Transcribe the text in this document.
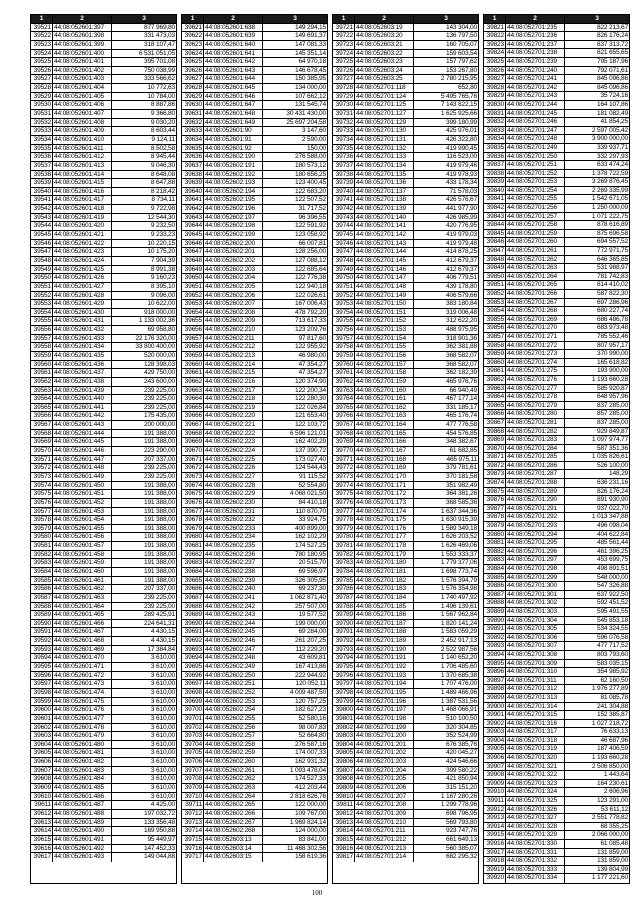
1	2	3
39521 44:08:052601:397	877 969,80
39522 44:08:052601:398	331 473,03
39523 44:08:052601:399	318 107,47
39524 44:08:052601:400	6 531 051,05
39525 44:08:052601:401	395 701,08
39526 44:08:052601:402	750 038,99
39527 44:08:052601:403	333 566,62
39528 44:08:052601:404	10 772,63
39529 44:08:052601:405	10 784,00
39530 44:08:052601:406	8 887,86
39531 44:08:052601:407	9 366,80
39532 44:08:052601:408	9 030,20
39533 44:08:052601:409	8 603,44
39534 44:08:052601:410	9 124,11
39535 44:08:052601:411	8 502,58
39536 44:08:052601:412	8 945,44
39537 44:08:052601:413	9 046,30
39538 44:08:052601:414	8 648,08
39539 44:08:052601:415	8 647,88
39540 44:08:052601:416	8 218,42
39541 44:08:052601:417	8 734,11
39542 44:08:052601:418	9 722,98
39543 44:08:052601:419	12 544,30
39544 44:08:052601:420	9 232,50
39545 44:08:052601:421	9 233,23
39546 44:08:052601:422	10 220,15
39547 44:08:052601:423	10 175,20
39548 44:08:052601:424	7 904,39
39549 44:08:052601:425	8 991,38
39550 44:08:052601:426	9 160,23
39551 44:08:052601:427	8 395,10
39552 44:08:052601:428	9 096,00
39553 44:08:052601:429	10 622,00
39554 44:08:052601:430	918 000,00
39555 44:08:052601:431	1 133 002,36
39556 44:08:052601:432	69 958,80
39557 44:08:052601:433	22 176 320,00
39558 44:08:052601:434	33 800 400,00
39559 44:08:052601:435	520 000,00
39560 44:08:052601:436	128 398,03
39561 44:08:052601:437	429 750,00
39562 44:08:052601:438	243 600,00
39563 44:08:052601:439	239 225,00
39564 44:08:052601:440	239 225,00
39565 44:08:052601:441	239 225,00
39566 44:08:052601:442	175 435,00
39567 44:08:052601:443	200 000,00
39568 44:08:052601:444	191 388,00
39569 44:08:052601:445	191 388,00
39570 44:08:052601:446	223 290,00
39571 44:08:052601:447	207 337,00
39572 44:08:052601:448	239 225,00
39573 44:08:052601:449	239 225,00
39574 44:08:052601:450	191 388,00
39575 44:08:052601:451	191 388,00
39576 44:08:052601:452	191 388,00
39577 44:08:052601:453	191 388,00
39578 44:08:052601:454	191 388,00
39579 44:08:052601:455	191 388,00
39580 44:08:052601:456	191 388,00
39581 44:08:052601:457	191 388,00
39582 44:08:052601:458	191 388,00
39583 44:08:052601:459	191 388,00
39584 44:08:052601:460	191 388,00
39585 44:08:052601:461	191 388,00
39586 44:08:052601:462	207 337,00
39587 44:08:052601:463	239 225,00
39588 44:08:052601:464	239 225,00
39589 44:08:052601:465	289 425,91
39590 44:08:052601:466	224 641,31
39591 44:08:052601:467	4 430,15
39592 44:08:052601:468	4 430,15
39593 44:08:052601:469	17 384,84
39594 44:08:052601:470	3 610,00
39595 44:08:052601:471	3 610,00
39596 44:08:052601:472	3 610,00
39597 44:08:052601:473	3 610,00
39598 44:08:052601:474	3 610,00
39599 44:08:052601:475	3 610,00
39600 44:08:052601:476	3 610,00
39601 44:08:052601:477	3 610,00
39602 44:08:052601:478	3 610,00
39603 44:08:052601:479	3 610,00
39604 44:08:052601:480	3 610,00
39605 44:08:052601:481	3 610,00
39606 44:08:052601:482	3 610,00
39607 44:08:052601:483	3 610,00
39608 44:08:052601:484	3 610,00
39609 44:08:052601:485	3 610,00
39610 44:08:052601:486	3 610,00
39611 44:08:052601:487	4 425,00
39612 44:08:052601:488	197 032,72
39613 44:08:052601:489	133 356,48
39614 44:08:052601:490	169 950,88
39615 44:08:052601:491	95 449,97
39616 44:08:052601:492	147 452,33
39617 44:08:052601:493	149 044,88
1	2	3
39621 44:08:052601:638	149 294,15
39622 44:08:052601:639	149 691,37
39623 44:08:052601:640	147 081,33
39624 44:08:052601:641	145 351,14
39625 44:08:052601:642	64 970,18
39626 44:08:052601:643	146 678,45
39627 44:08:052601:644	150 385,95
39628 44:08:052601:645	134 000,00
39629 44:08:052601:646	107 662,12
39630 44:08:052601:647	131 545,74
39631 44:08:052601:648	30 431 430,00
39632 44:08:052601:649	25 697 204,58
39633 44:08:052601:90	3 147,60
39634 44:08:052601:91	2 590,00
39635 44:08:052601:92	150,00
39636 44:08:052602:190	276 588,00
39637 44:08:052602:191	180 573,12
39638 44:08:052602:192	180 656,25
39639 44:08:052602:193	123 400,45
39640 44:08:052602:194	122 683,20
39641 44:08:052602:195	122 507,52
39642 44:08:052602:196	31 717,52
39643 44:08:052602:197	96 396,55
39644 44:08:052602:198	122 591,92
39645 44:08:052602:199	123 058,92
39646 44:08:052602:200	66 007,81
39647 44:08:052602:201	128 256,00
39648 44:08:052602:202	127 088,12
39649 44:08:052602:203	122 685,64
39650 44:08:052602:204	122 776,38
39651 44:08:052602:205	122 940,18
39652 44:08:052602:206	122 026,61
39653 44:08:052602:207	167 006,43
39654 44:08:052602:208	478 792,20
39655 44:08:052602:209	713 617,33
39656 44:08:052602:210	123 209,76
39657 44:08:052602:211	97 817,60
39658 44:08:052602:212	122 955,92
39659 44:08:052602:213	46 980,00
39660 44:08:052602:214	47 354,27
39661 44:08:052602:215	47 354,27
39662 44:08:052602:216	120 374,90
39663 44:08:052602:217	122 200,34
39664 44:08:052602:218	122 280,30
39665 44:08:052602:219	122 026,84
39666 44:08:052602:220	121 653,40
39667 44:08:052602:221	122 103,72
39668 44:08:052602:222	6 596 121,01
39669 44:08:052602:223	162 402,29
39670 44:08:052602:224	137 390,72
39671 44:08:052602:225	173 027,40
39672 44:08:052602:226	124 544,43
39673 44:08:052602:227	91 115,52
39674 44:08:052602:228	52 554,80
39675 44:08:052602:229	4 068 021,50
39676 44:08:052602:230	84 410,18
39677 44:08:052602:231	110 870,70
39678 44:08:052602:232	33 924,75
39679 44:08:052602:233	400 899,00
39680 44:08:052602:234	162 102,29
39681 44:08:052602:235	174 527,25
39682 44:08:052602:236	780 180,95
39683 44:08:052602:237	20 515,70
39684 44:08:052602:238	69 596,97
39685 44:08:052602:239	326 305,95
39686 44:08:052602:240	69 237,30
39687 44:08:052602:241	1 062 871,40
39688 44:08:052602:242	257 507,00
39689 44:08:052602:243	19 577,52
39690 44:08:052602:244	199 000,00
39691 44:08:052602:245	69 284,00
39692 44:08:052602:246	261 207,25
39693 44:08:052602:247	112 229,20
39694 44:08:052602:248	43 609,81
39695 44:08:052602:249	167 413,86
39696 44:08:052602:250	222 944,92
39697 44:08:052602:251	120 052,11
39698 44:08:052602:252	4 009 487,50
39699 44:08:052602:253	120 757,25
39700 44:08:052602:254	182 627,23
39701 44:08:052602:255	52 580,16
39702 44:08:052602:256	98 007,83
39703 44:08:052602:257	52 664,80
39704 44:08:052602:258	276 587,16
39705 44:08:052602:259	174 007,33
39706 44:08:052602:260	162 931,32
39707 44:08:052602:261	1 093 478,04
39708 44:08:052602:262	174 527,33
39709 44:08:052602:263	412 203,44
39710 44:08:052602:264	2 818 626,76
39711 44:08:052602:265	122 000,00
39712 44:08:052602:266	109 767,00
39713 44:08:052602:267	1 969 824,14
39714 44:08:052602:268	124 000,00
39715 44:08:052603:13	83 841,00
39716 44:08:052603:14	11 468 302,56
39717 44:08:052603:15	158 619,36
1	2	3
39721 44:08:052603:19	143 304,00
39722 44:08:052603:20	136 797,50
39723 44:08:052603:21	160 705,07
39724 44:08:052603:22	159 603,54
39725 44:08:052603:23	157 797,62
39726 44:08:052603:24	153 267,80
39727 44:08:052603:25	2 780 215,95
39728 44:08:052701:118	652,80
39729 44:08:052701:124	5 495 765,76
39730 44:08:052701:125	7 143 822,15
39731 44:08:052701:127	1 625 925,66
39732 44:08:052701:129	399 180,99
39733 44:08:052701:130	425 976,01
39734 44:08:052701:131	426 322,80
39735 44:08:052701:132	419 990,45
39736 44:08:052701:133	116 523,00
39737 44:08:052701:134	419 979,46
39738 44:08:052701:135	419 978,93
39739 44:08:052701:136	433 178,34
39740 44:08:052701:137	71 578,03
39741 44:08:052701:138	426 576,67
39742 44:08:052701:139	441 977,90
39743 44:08:052701:140	426 985,99
39744 44:08:052701:141	420 776,95
39745 44:08:052701:142	419 979,03
39746 44:08:052701:143	419 979,48
39747 44:08:052701:144	414 878,25
39748 44:08:052701:145	412 679,37
39749 44:08:052701:146	412 679,37
39750 44:08:052701:147	406 779,51
39751 44:08:052701:148	439 178,80
39752 44:08:052701:149	406 579,66
39753 44:08:052701:150	383 180,84
39754 44:08:052701:151	319 006,48
39755 44:08:052701:152	312 622,20
39756 44:08:052701:153	488 975,95
39757 44:08:052701:154	318 901,36
39758 44:08:052701:155	362 381,88
39759 44:08:052701:156	368 582,07
39760 44:08:052701:157	368 582,07
39761 44:08:052701:158	362 182,39
39762 44:08:052701:159	465 976,76
39763 44:08:052701:160	66 940,49
39764 44:08:052701:161	467 177,14
39765 44:08:052701:162	331 185,17
39766 44:08:052701:163	465 176,74
39767 44:08:052701:164	477 776,58
39768 44:08:052701:165	454 576,85
39769 44:08:052701:166	348 382,67
39770 44:08:052701:167	61 682,85
39771 44:08:052701:168	465 975,11
39772 44:08:052701:169	379 781,61
39773 44:08:052701:170	370 181,58
39774 44:08:052701:171	351 982,49
39775 44:08:052701:172	364 381,26
39776 44:08:052701:173	368 585,36
39777 44:08:052701:174	1 637 344,36
39778 44:08:052701:175	1 630 915,39
39779 44:08:052701:176	1 589 349,18
39780 44:08:052701:177	1 626 203,52
39781 44:08:052701:178	1 626 469,06
39782 44:08:052701:179	1 553 333,37
39783 44:08:052701:180	1 779 377,06
39784 44:08:052701:181	1 698 773,74
39785 44:08:052701:182	1 576 394,79
39786 44:08:052701:183	1 576 354,98
39787 44:08:052701:184	1 740 497,92
39788 44:08:052701:185	1 496 139,61
39789 44:08:052701:186	1 567 962,84
39790 44:08:052701:187	1 820 141,24
39791 44:08:052701:188	1 583 059,29
39792 44:08:052701:189	2 452 917,13
39793 44:08:052701:190	2 522 987,56
39794 44:08:052701:191	1 140 652,20
39795 44:08:052701:192	1 706 485,60
39796 44:08:052701:193	1 370 685,38
39797 44:08:052701:194	1 707 476,00
39798 44:08:052701:195	1 489 466,96
39799 44:08:052701:196	1 387 531,56
39800 44:08:052701:197	1 468 066,91
39801 44:08:052701:198	510 100,50
39802 44:08:052701:199	320 304,85
39803 44:08:052701:200	352 524,99
39804 44:08:052701:201	676 385,76
39805 44:08:052701:202	420 045,27
39806 44:08:052701:203	424 546,66
39807 44:08:052701:204	399 580,22
39808 44:08:052701:205	421 850,94
39809 44:08:052701:206	315 151,20
39810 44:08:052701:207	1 167 280,26
39811 44:08:052701:208	1 299 778,96
39812 44:08:052701:209	698 796,95
39813 44:08:052701:210	569 793,80
39814 44:08:052701:211	923 747,76
39815 44:08:052701:212	661 649,13
39816 44:08:052701:213	560 385,07
39817 44:08:052701:214	682 295,32
1	2	3
39821 44:08:052701:235	822 213,67
39822 44:08:052701:236	826 176,24
39823 44:08:052701:237	837 313,72
39824 44:08:052701:238	821 655,65
39825 44:08:052701:239	795 187,96
39826 44:08:052701:240	792 071,61
39827 44:08:052701:241	845 096,86
39828 44:08:052701:242	845 096,86
39829 44:08:052701:243	35 724,16
39830 44:08:052701:244	164 107,86
39831 44:08:052701:245	181 082,49
39832 44:08:052701:246	41 854,25
39833 44:08:052701:247	2 597 005,42
39834 44:08:052701:248	3 900 000,00
39835 44:08:052701:249	339 937,71
39836 44:08:052701:250	332 297,93
39837 44:08:052701:251	633 474,24
39838 44:08:052701:252	1 378 722,59
39839 44:08:052701:253	3 269 876,45
39840 44:08:052701:254	2 269 335,99
39841 44:08:052701:255	1 542 671,05
39842 44:08:052701:256	1 250 000,09
39843 44:08:052701:257	1 071 222,75
39844 44:08:052701:258	878 616,89
39845 44:08:052701:259	875 696,58
39846 44:08:052701:260	694 557,52
39847 44:08:052701:261	772 971,75
39848 44:08:052701:262	646 365,85
39849 44:08:052701:263	531 988,97
39850 44:08:052701:264	781 742,83
39851 44:08:052701:265	814 410,02
39852 44:08:052701:266	587 822,30
39853 44:08:052701:267	697 286,96
39854 44:08:052701:268	680 227,74
39855 44:08:052701:269	686 486,78
39856 44:08:052701:270	683 973,48
39857 44:08:052701:271	785 552,46
39858 44:08:052701:272	807 957,17
39859 44:08:052701:273	370 990,00
39860 44:08:052701:274	165 618,82
39861 44:08:052701:275	193 900,00
39862 44:08:052701:276	1 193 660,28
39863 44:08:052701:277	585 920,87
39864 44:08:052701:278	648 957,96
39865 44:08:052701:279	837 285,00
39866 44:08:052701:280	857 285,00
39867 44:08:052701:281	837 285,00
39868 44:08:052701:282	929 849,87
39869 44:08:052701:283	1 097 974,77
39870 44:08:052701:284	587 351,36
39871 44:08:052701:285	1 035 826,61
39872 44:08:052701:286	526 100,00
39873 44:08:052701:287	148,29
39874 44:08:052701:288	636 231,16
39875 44:08:052701:289	826 176,24
39876 44:08:052701:290	891 930,90
39877 44:08:052701:291	937 022,70
39878 44:08:052701:292	1 013 347,88
39879 44:08:052701:293	496 098,04
39880 44:08:052701:294	404 622,84
39881 44:08:052701:295	485 561,44
39882 44:08:052701:296	461 396,25
39883 44:08:052701:297	453 699,75
39884 44:08:052701:298	498 891,51
39885 44:08:052701:299	548 000,00
39886 44:08:052701:300	547 326,88
39887 44:08:052701:301	637 922,50
39888 44:08:052701:302	592 451,52
39889 44:08:052701:303	595 491,55
39890 44:08:052701:304	545 853,18
39891 44:08:052701:305	534 324,55
39892 44:08:052701:306	596 076,58
39893 44:08:052701:307	477 717,52
39894 44:08:052701:308	803 793,60
39895 44:08:052701:309	583 035,15
39896 44:08:052701:310	354 985,92
39897 44:08:052701:311	62 160,50
39898 44:08:052701:312	1 976 277,89
39899 44:08:052701:313	81 085,78
39900 44:08:052701:314	241 304,88
39901 44:08:052701:315	152 385,87
39902 44:08:052701:316	1 027 218,72
39903 44:08:052701:317	76 633,13
39904 44:08:052701:318	46 687,96
39905 44:08:052701:319	187 406,59
39906 44:08:052701:320	1 193 660,28
39907 44:08:052701:321	2 506 850,00
39908 44:08:052701:322	1 443,64
39909 44:08:052701:323	164 230,61
39910 44:08:052701:324	2 606,96
39911 44:08:052701:325	123 291,00
39912 44:08:052701:326	53 611,12
39913 44:08:052701:327	2 551 778,82
39914 44:08:052701:328	68 355,25
39915 44:08:052701:329	2 066 000,00
39916 44:08:052701:330	61 085,48
39917 44:08:052701:331	131 859,00
39918 44:08:052701:332	131 859,00
39919 44:08:052701:333	139 804,99
39920 44:08:052701:334	1 177 221,60
100
